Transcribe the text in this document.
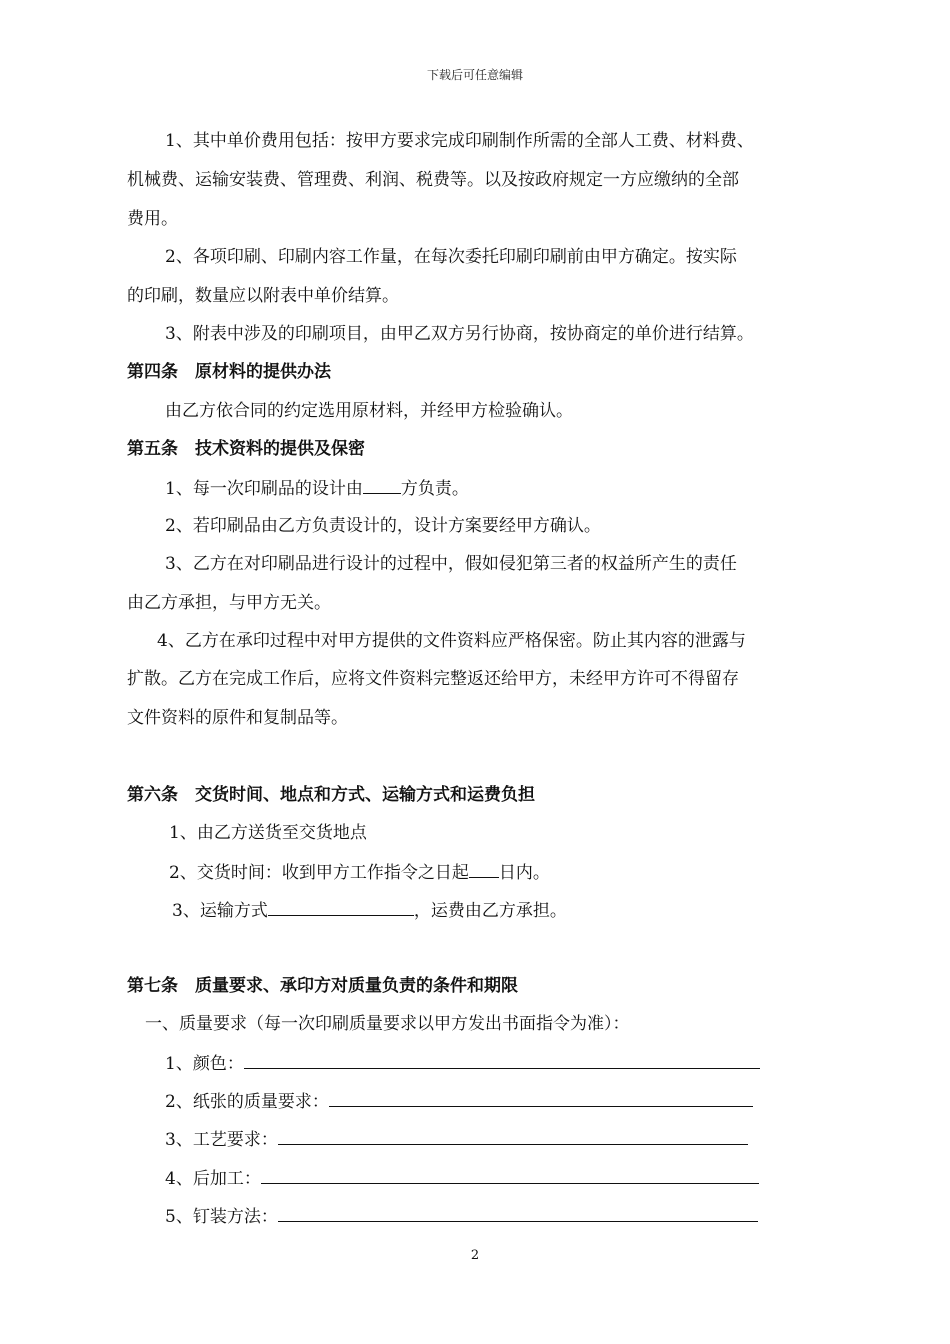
下载后可任意编辑
1、其中单价费用包括：按甲方要求完成印刷制作所需的全部人工费、材料费、
机械费、运输安装费、管理费、利润、税费等。以及按政府规定一方应缴纳的全部
费用。
2、各项印刷、印刷内容工作量，在每次委托印刷印刷前由甲方确定。按实际
的印刷，数量应以附表中单价结算。
3、附表中涉及的印刷项目，由甲乙双方另行协商，按协商定的单价进行结算。
第四条　原材料的提供办法
由乙方依合同的约定选用原材料，并经甲方检验确认。
第五条　技术资料的提供及保密
1、每一次印刷品的设计由 方负责。
2、若印刷品由乙方负责设计的，设计方案要经甲方确认。
3、乙方在对印刷品进行设计的过程中，假如侵犯第三者的权益所产生的责任
由乙方承担，与甲方无关。
4、乙方在承印过程中对甲方提供的文件资料应严格保密。防止其内容的泄露与
扩散。乙方在完成工作后，应将文件资料完整返还给甲方，未经甲方许可不得留存
文件资料的原件和复制品等。
第六条　交货时间、地点和方式、运输方式和运费负担
1、由乙方送货至交货地点
2、交货时间：收到甲方工作指令之日起 日内。
3、运输方式	，运费由乙方承担。
第七条　质量要求、承印方对质量负责的条件和期限
一、质量要求（每一次印刷质量要求以甲方发出书面指令为准）：
1、颜色：
2、纸张的质量要求：
3、工艺要求：
4、后加工：
5、钉装方法：
2
